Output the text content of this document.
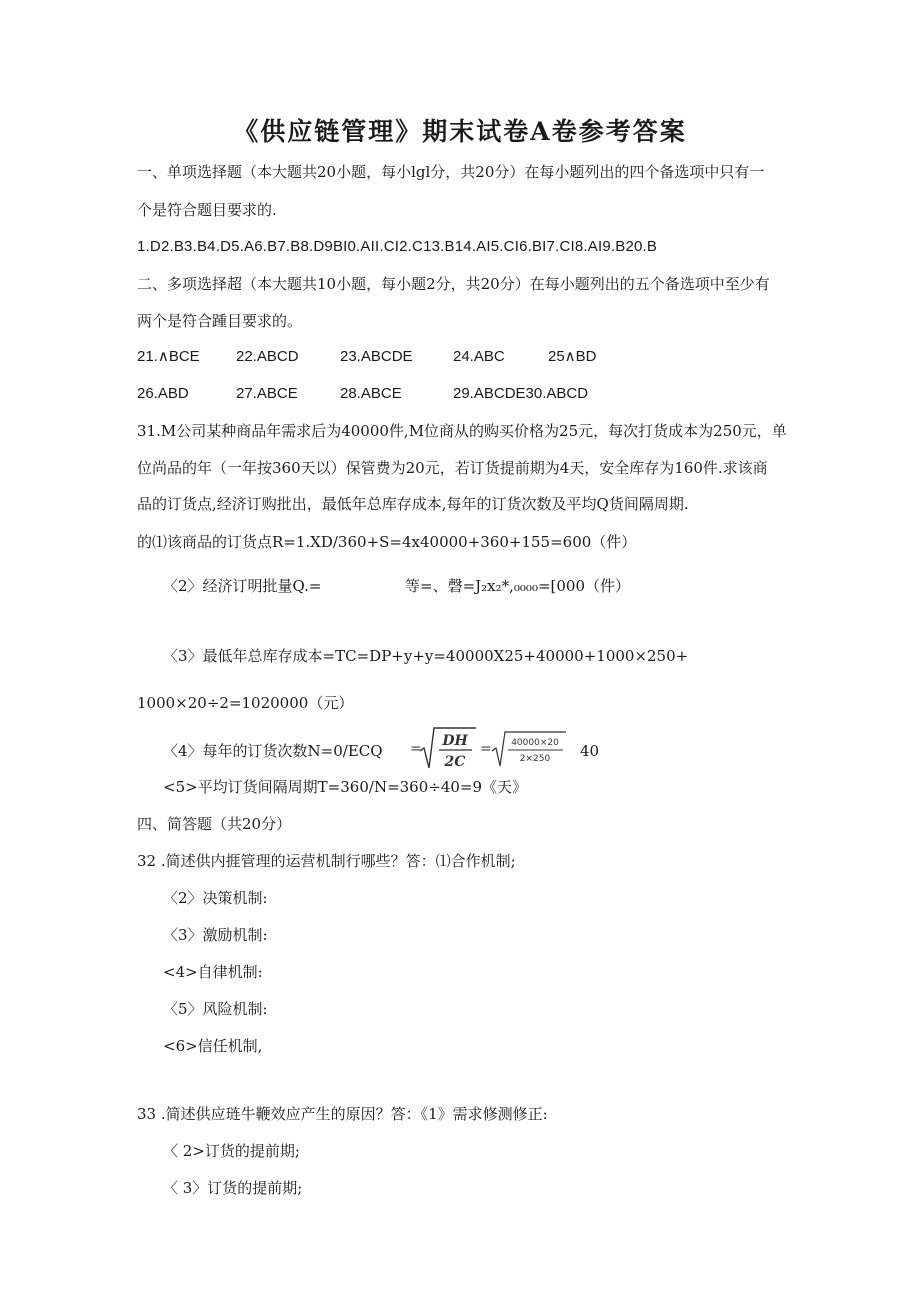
《供应链管理》期末试卷A卷参考答案
一、单项选择题（本大题共20小题，每小lgl分，共20分）在每小题列出的四个备选项中只有一
个是符合题目要求的.
1.D2.B3.B4.D5.A6.B7.B8.D9BI0.AII.CI2.C13.B14.AI5.CI6.BI7.CI8.AI9.B20.B
二、多项选择超（本大题共10小题，每小题2分，共20分）在每小题列出的五个备选项中至少有
两个是符合踵目要求的。
21.∧BCE 22.ABCD	23.ABCDE	24.ABC	25∧BD
26.ABD	27.ABCE	28.ABCE	29.ABCDE30.ABCD
31.M公司某种商品年需求后为40000件,M位商从的购买价格为25元，每次打货成本为250元，单
位尚品的年（一年按360天以）保管费为20元，若订货提前期为4天，安全库存为160件.求该商
品的订货点,经济订购批出，最低年总库存成本,每年的订货次数及平均Q货间隔周期.
的⑴该商品的订货点R=1.XD/360+S=4x40000+360+155=600（件）
〈2〉经济订明批量Q.=	等=、磬=J₂x₂*,₀₀₀₀=[000（件）
〈3〉最低年总库存成本=TC=DP+y+y=40000X25+40000+1000×250+
1000×20÷2=1020000（元）
〈4〉每年的订货次数N=0/ECQ = DH
2C
= 40000×20
2×250 40
<5>平均订货间隔周期T=360/N=360÷40=9《天》
四、简答题（共20分）
32 .简述供内捱管理的运营机制行哪些？答：⑴合作机制;
〈2〉决策机制:
〈3〉激励机制:
<4>自律机制:
〈5〉风险机制:
<6>信任机制,
33 .简述供应琏牛鞭效应产生的原因？答：《1》需求修测修正:
〈 2>订货的提前期;
〈 3〉订货的提前期;
